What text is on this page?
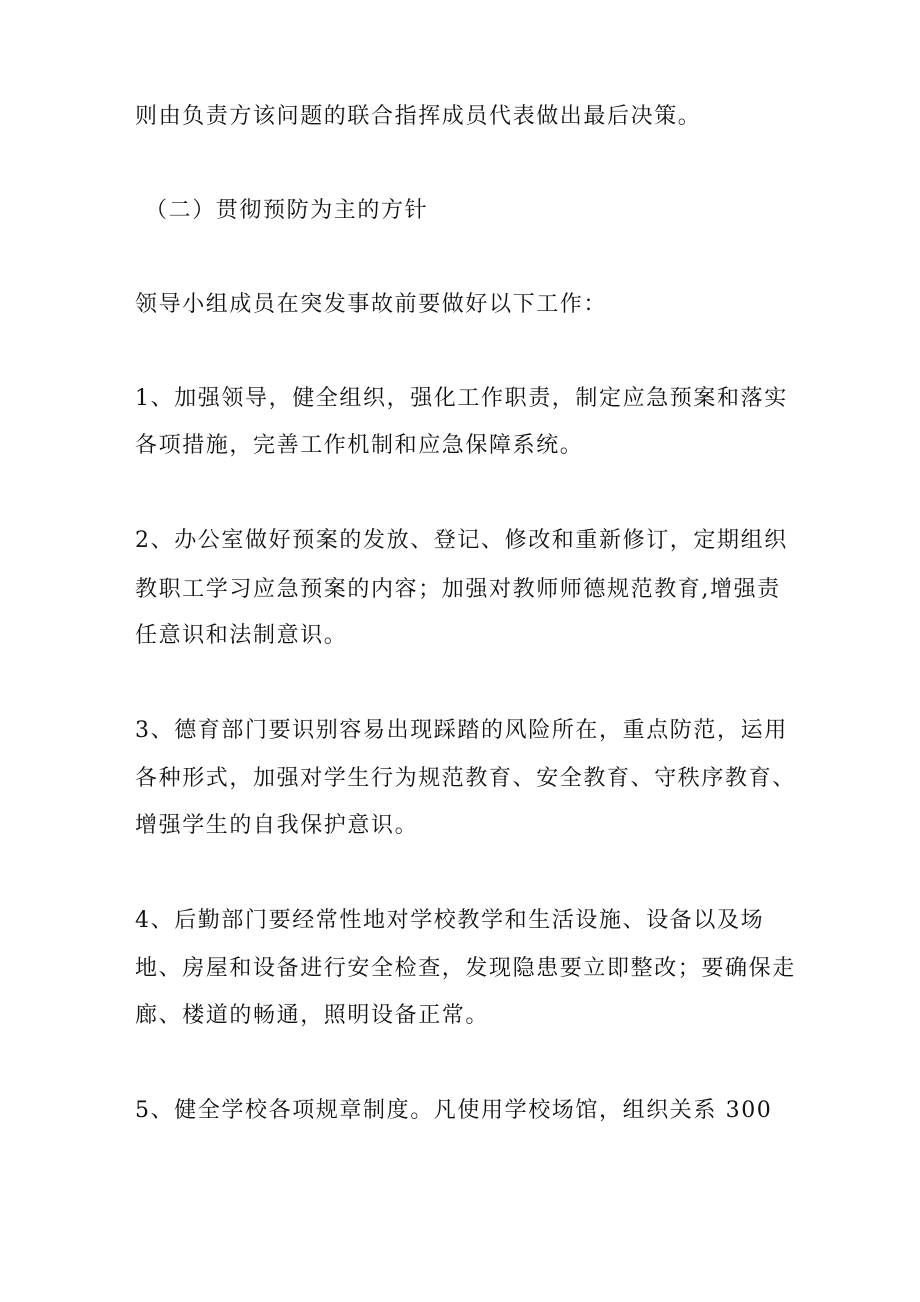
则由负责方该问题的联合指挥成员代表做出最后决策。
（二）贯彻预防为主的方针
领导小组成员在突发事故前要做好以下工作：
1、加强领导，健全组织，强化工作职责，制定应急预案和落实
各项措施，完善工作机制和应急保障系统。
2、办公室做好预案的发放、登记、修改和重新修订，定期组织
教职工学习应急预案的内容；加强对教师师德规范教育,增强责
任意识和法制意识。
3、德育部门要识别容易出现踩踏的风险所在，重点防范，运用
各种形式，加强对学生行为规范教育、安全教育、守秩序教育、
增强学生的自我保护意识。
4、后勤部门要经常性地对学校教学和生活设施、设备以及场
地、房屋和设备进行安全检查，发现隐患要立即整改；要确保走
廊、楼道的畅通，照明设备正常。
5、健全学校各项规章制度。凡使用学校场馆，组织关系 300
